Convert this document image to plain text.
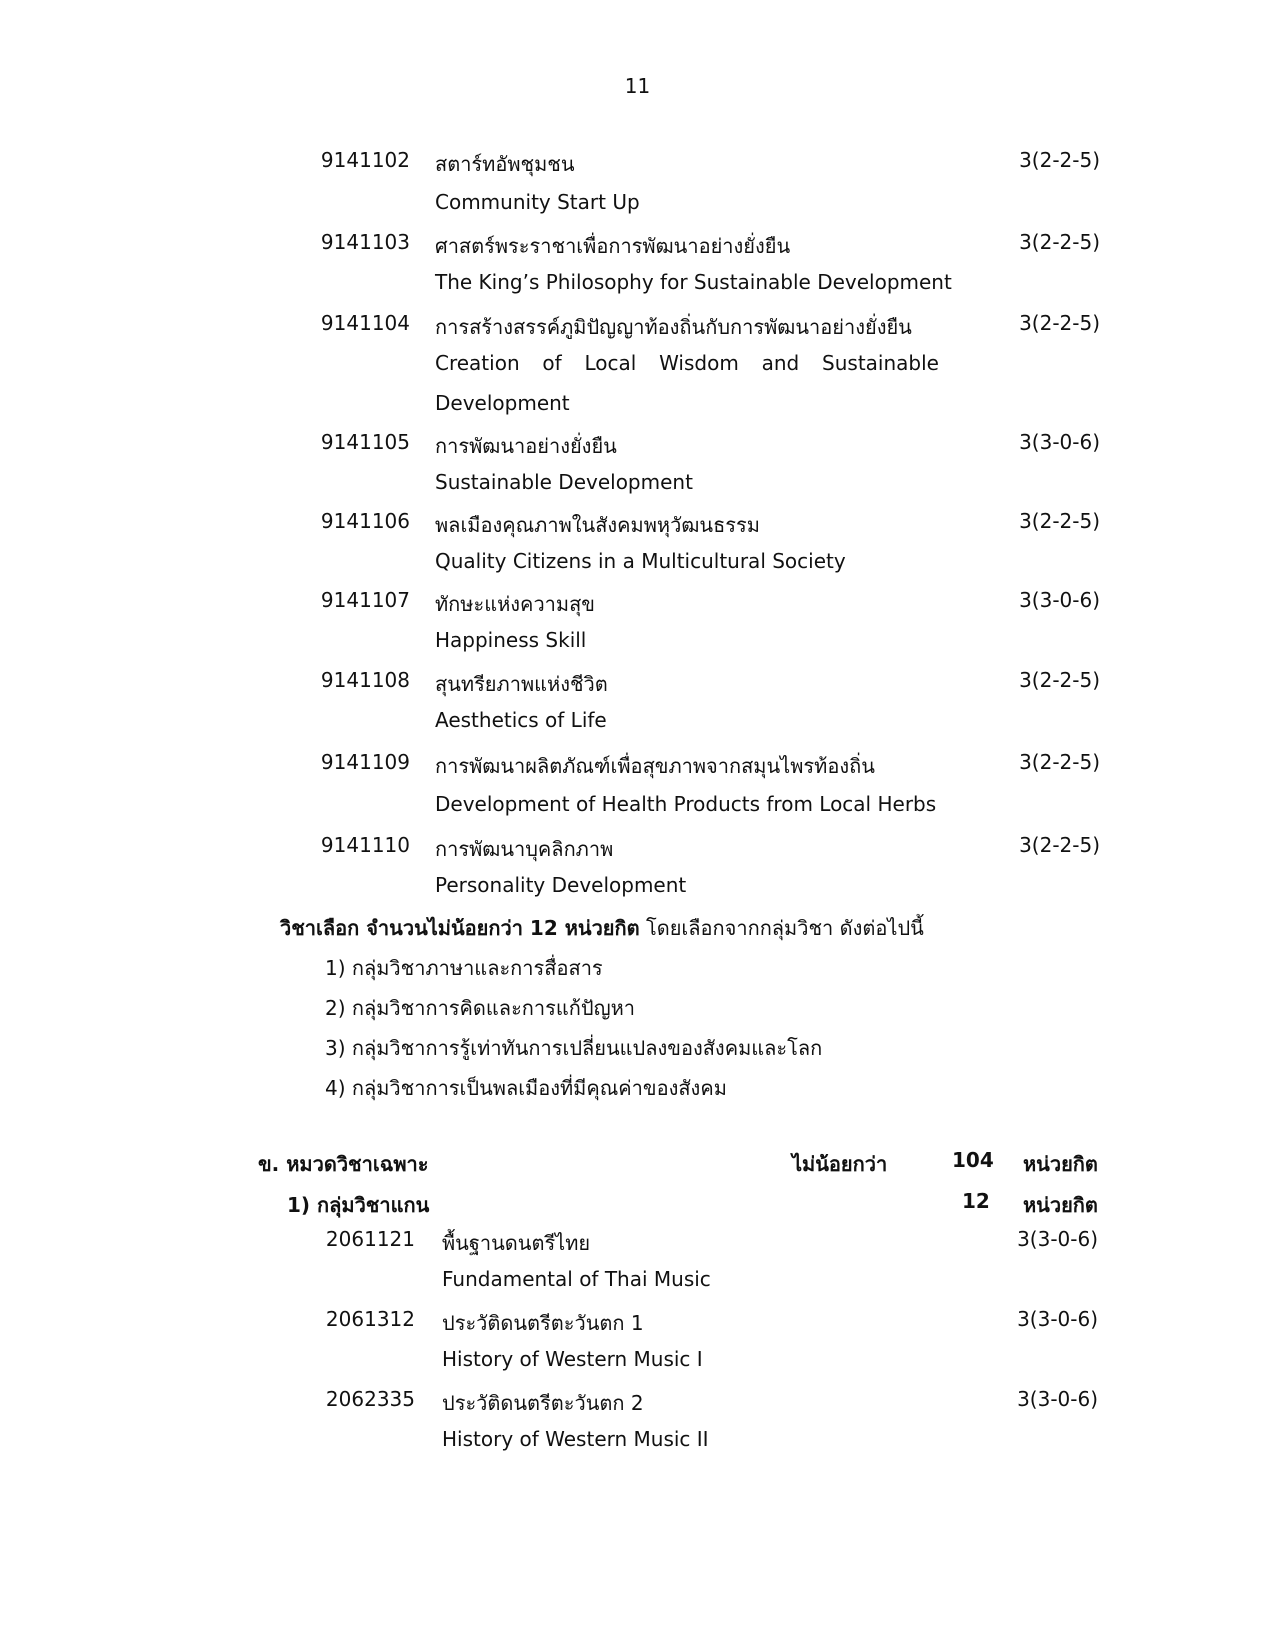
11
9141102 สตาร์ทอัพชุมชน	3(2-2-5)
Community Start Up
9141103 ศาสตร์พระราชาเพื่อการพัฒนาอย่างยั่งยืน	3(2-2-5)
The King’s Philosophy for Sustainable Development
9141104 การสร้างสรรค์ภูมิปัญญาท้องถิ่นกับการพัฒนาอย่างยั่งยืน	3(2-2-5)
Creation of Local Wisdom and Sustainable
Development
9141105 การพัฒนาอย่างยั่งยืน	3(3-0-6)
Sustainable Development
9141106 พลเมืองคุณภาพในสังคมพหุวัฒนธรรม	3(2-2-5)
Quality Citizens in a Multicultural Society
9141107 ทักษะแห่งความสุข	3(3-0-6)
Happiness Skill
9141108 สุนทรียภาพแห่งชีวิต	3(2-2-5)
Aesthetics of Life
9141109 การพัฒนาผลิตภัณฑ์เพื่อสุขภาพจากสมุนไพรท้องถิ่น	3(2-2-5)
Development of Health Products from Local Herbs
9141110 การพัฒนาบุคลิกภาพ	3(2-2-5)
Personality Development
วิชาเลือก จำนวนไม่น้อยกว่า 12 หน่วยกิต โดยเลือกจากกลุ่มวิชา ดังต่อไปนี้
1) กลุ่มวิชาภาษาและการสื่อสาร
2) กลุ่มวิชาการคิดและการแก้ปัญหา
3) กลุ่มวิชาการรู้เท่าทันการเปลี่ยนแปลงของสังคมและโลก
4) กลุ่มวิชาการเป็นพลเมืองที่มีคุณค่าของสังคม
ข. หมวดวิชาเฉพาะ	ไม่น้อยกว่า	104 หน่วยกิต
1) กลุ่มวิชาแกน	12 หน่วยกิต
2061121 พื้นฐานดนตรีไทย	3(3-0-6)
Fundamental of Thai Music
2061312 ประวัติดนตรีตะวันตก 1	3(3-0-6)
History of Western Music I
2062335 ประวัติดนตรีตะวันตก 2	3(3-0-6)
History of Western Music II
